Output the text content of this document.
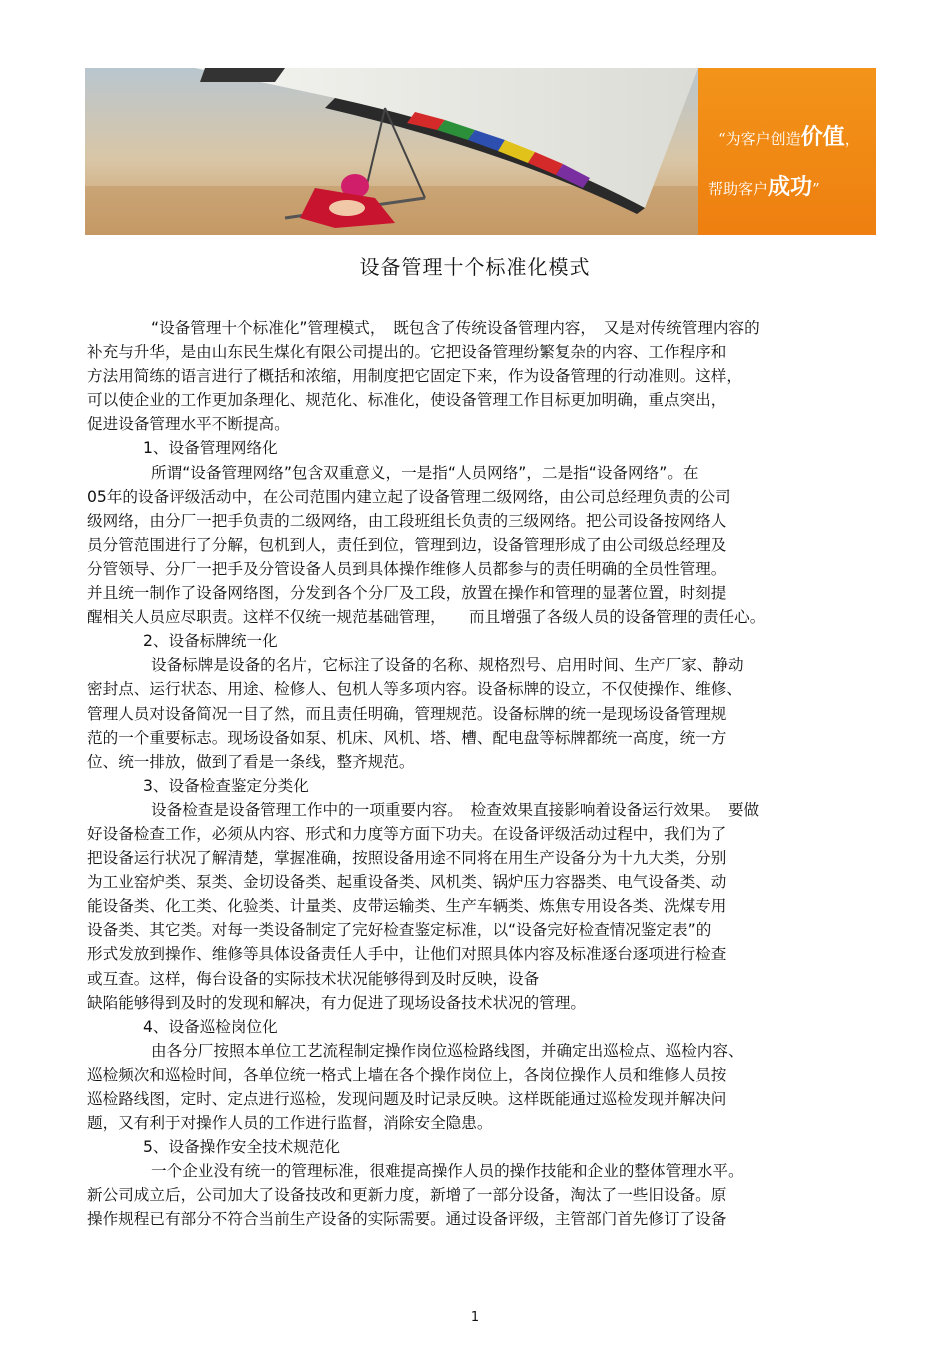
“为客户创造价值，
帮助客户成功”
设备管理十个标准化模式
“设备管理十个标准化”管理模式，　既包含了传统设备管理内容，　又是对传统管理内容的
补充与升华，是由山东民生煤化有限公司提出的。它把设备管理纷繁复杂的内容、工作程序和
方法用简练的语言进行了概括和浓缩，用制度把它固定下来，作为设备管理的行动准则。这样，
可以使企业的工作更加条理化、规范化、标准化，使设备管理工作目标更加明确，重点突出，
促进设备管理水平不断提高。
1、设备管理网络化
所谓“设备管理网络”包含双重意义，一是指“人员网络”，二是指“设备网络”。在
05年的设备评级活动中，在公司范围内建立起了设备管理二级网络，由公司总经理负责的公司
级网络，由分厂一把手负责的二级网络，由工段班组长负责的三级网络。把公司设备按网络人
员分管范围进行了分解，包机到人，责任到位，管理到边，设备管理形成了由公司级总经理及
分管领导、分厂一把手及分管设备人员到具体操作维修人员都参与的责任明确的全员性管理。
并且统一制作了设备网络图，分发到各个分厂及工段，放置在操作和管理的显著位置，时刻提
醒相关人员应尽职责。这样不仅统一规范基础管理，　　而且增强了各级人员的设备管理的责任心。
2、设备标牌统一化
设备标牌是设备的名片，它标注了设备的名称、规格烈号、启用时间、生产厂家、静动
密封点、运行状态、用途、检修人、包机人等多项内容。设备标牌的设立，不仅使操作、维修、
管理人员对设备简况一目了然，而且责任明确，管理规范。设备标牌的统一是现场设备管理规
范的一个重要标志。现场设备如泵、机床、风机、塔、槽、配电盘等标牌都统一高度，统一方
位、统一排放，做到了看是一条线，整齐规范。
3、设备检查鉴定分类化
设备检查是设备管理工作中的一项重要内容。　检查效果直接影响着设备运行效果。　要做
好设备检查工作，必须从内容、形式和力度等方面下功夫。在设备评级活动过程中，我们为了
把设备运行状况了解清楚，掌握准确，按照设备用途不同将在用生产设备分为十九大类，分别
为工业窑炉类、泵类、金切设备类、起重设备类、风机类、锅炉压力容器类、电气设备类、动
能设备类、化工类、化验类、计量类、皮带运输类、生产车辆类、炼焦专用设各类、洗煤专用
设备类、其它类。对每一类设备制定了完好检查鉴定标准，以“设备完好检查情况鉴定表”的
形式发放到操作、维修等具体设备责任人手中，让他们对照具体内容及标准逐台逐项进行检查
或互查。这样，侮台设备的实际技术状况能够得到及时反映，设备
缺陷能够得到及时的发现和解决，有力促进了现场设备技术状况的管理。
4、设备巡检岗位化
由各分厂按照本单位工艺流程制定操作岗位巡检路线图，并确定出巡检点、巡检内容、
巡检频次和巡检时间，各单位统一格式上墙在各个操作岗位上，各岗位操作人员和维修人员按
巡检路线图，定时、定点进行巡检，发现问题及时记录反映。这样既能通过巡检发现并解决问
题，又有利于对操作人员的工作进行监督，消除安全隐患。
5、设备操作安全技术规范化
一个企业没有统一的管理标准，很难提高操作人员的操作技能和企业的整体管理水平。
新公司成立后，公司加大了设备技改和更新力度，新增了一部分设备，淘汰了一些旧设备。原
操作规程已有部分不符合当前生产设备的实际需要。通过设备评级，主管部门首先修订了设备
1
